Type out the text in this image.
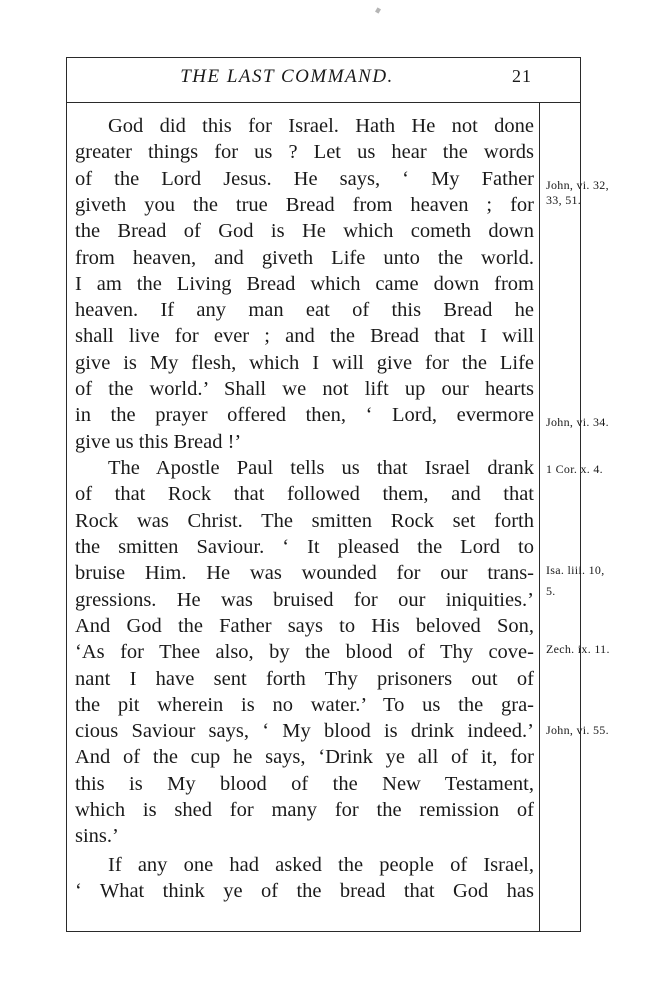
THE LAST COMMAND.	21
God did this for Israel. Hath He not done
greater things for us ? Let us hear the words
of the Lord Jesus. He says, ‘ My Father
giveth you the true Bread from heaven ; for
the Bread of God is He which cometh down
from heaven, and giveth Life unto the world.
I am the Living Bread which came down from
heaven. If any man eat of this Bread he
shall live for ever ; and the Bread that I will
give is My flesh, which I will give for the Life
of the world.’ Shall we not lift up our hearts
in the prayer offered then, ‘ Lord, evermore
give us this Bread !’
The Apostle Paul tells us that Israel drank
of that Rock that followed them, and that
Rock was Christ. The smitten Rock set forth
the smitten Saviour. ‘ It pleased the Lord to
bruise Him. He was wounded for our trans-
gressions. He was bruised for our iniquities.’
And God the Father says to His beloved Son,
‘As for Thee also, by the blood of Thy cove-
nant I have sent forth Thy prisoners out of
the pit wherein is no water.’ To us the gra-
cious Saviour says, ‘ My blood is drink indeed.’
And of the cup he says, ‘Drink ye all of it, for
this is My blood of the New Testament,
which is shed for many for the remission of
sins.’
If any one had asked the people of Israel,
‘ What think ye of the bread that God has
John, vi. 32,
33, 51.
John, vi. 34.
1 Cor. x. 4.
Isa. liii. 10,
5.
Zech. ix. 11.
John, vi. 55.
